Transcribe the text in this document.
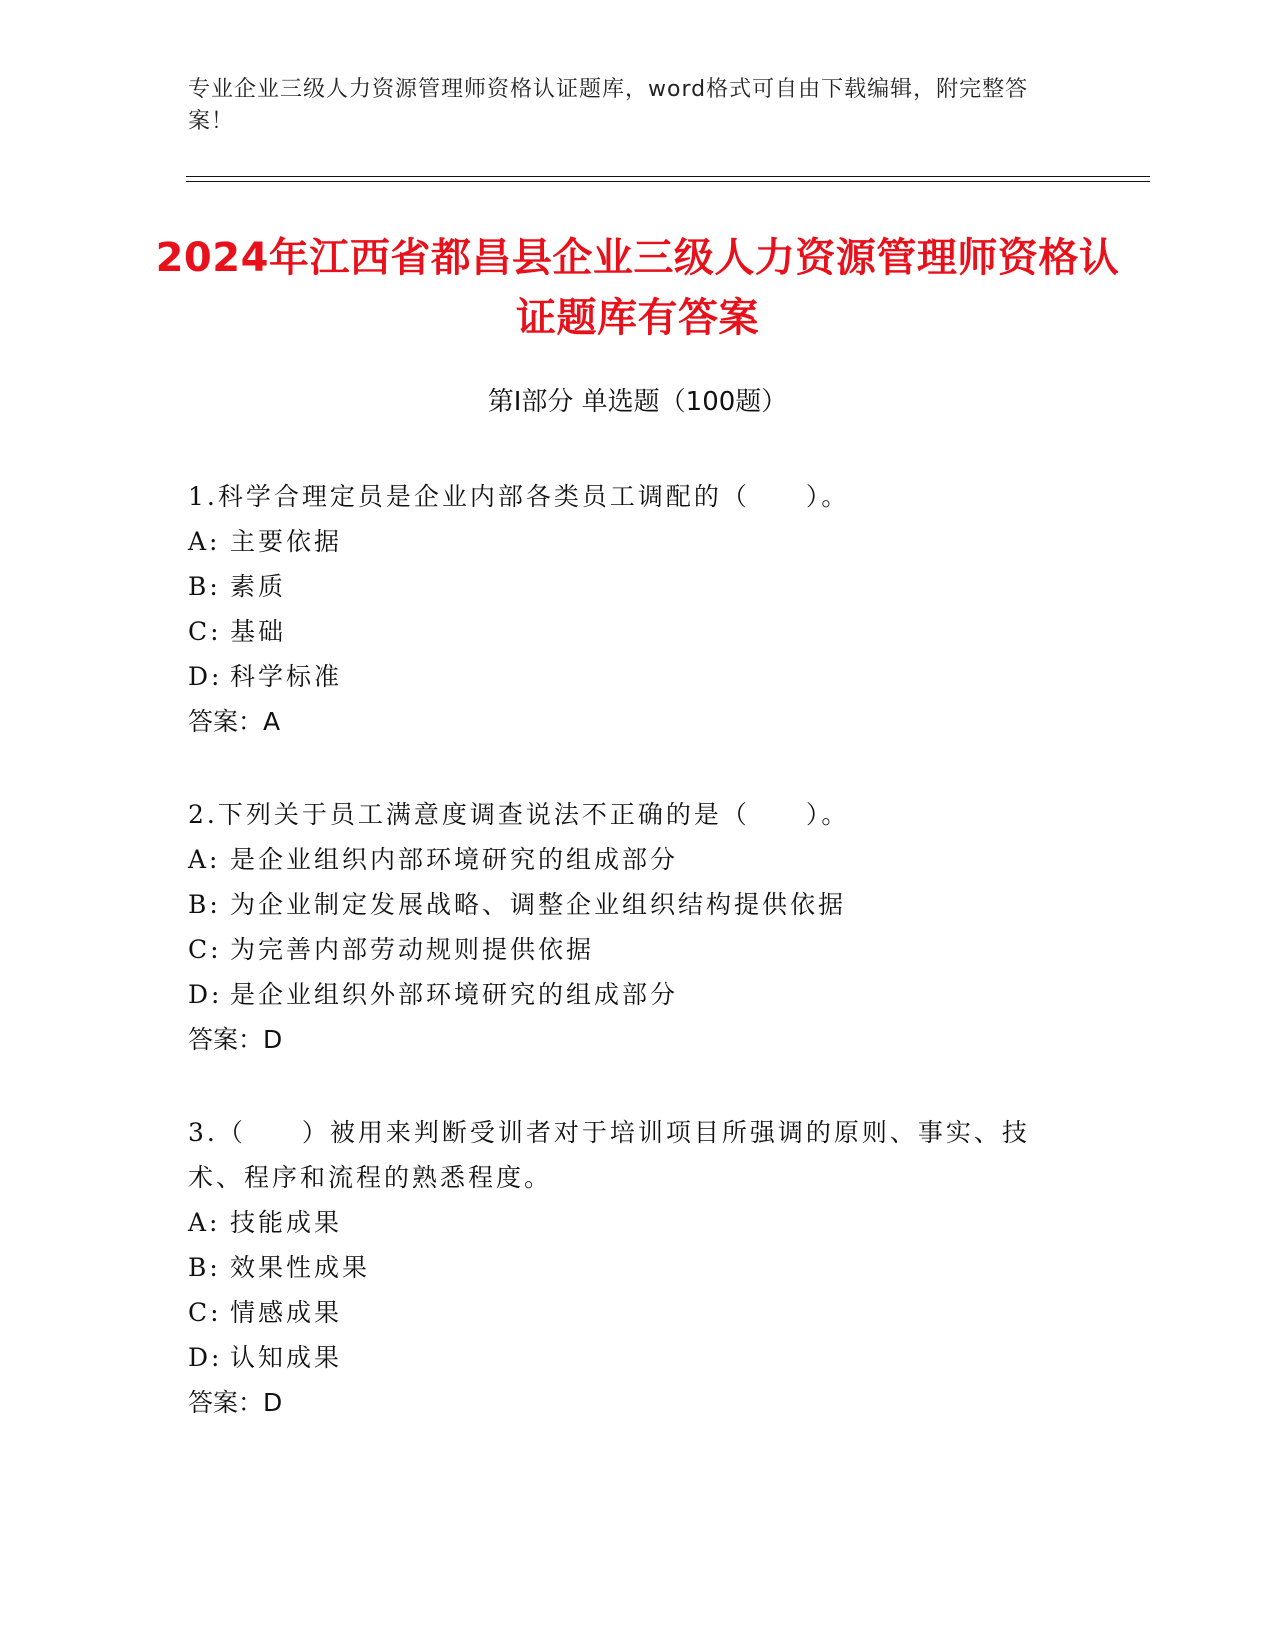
专业企业三级人力资源管理师资格认证题库，word格式可自由下载编辑，附完整答案！
2024年江西省都昌县企业三级人力资源管理师资格认证题库有答案
第I部分 单选题（100题）
1.科学合理定员是企业内部各类员工调配的（　　）。
A: 主要依据
B: 素质
C: 基础
D: 科学标准
答案：A
2.下列关于员工满意度调查说法不正确的是（　　）。
A: 是企业组织内部环境研究的组成部分
B: 为企业制定发展战略、调整企业组织结构提供依据
C: 为完善内部劳动规则提供依据
D: 是企业组织外部环境研究的组成部分
答案：D
3.（　　）被用来判断受训者对于培训项目所强调的原则、事实、技术、程序和流程的熟悉程度。
A: 技能成果
B: 效果性成果
C: 情感成果
D: 认知成果
答案：D
